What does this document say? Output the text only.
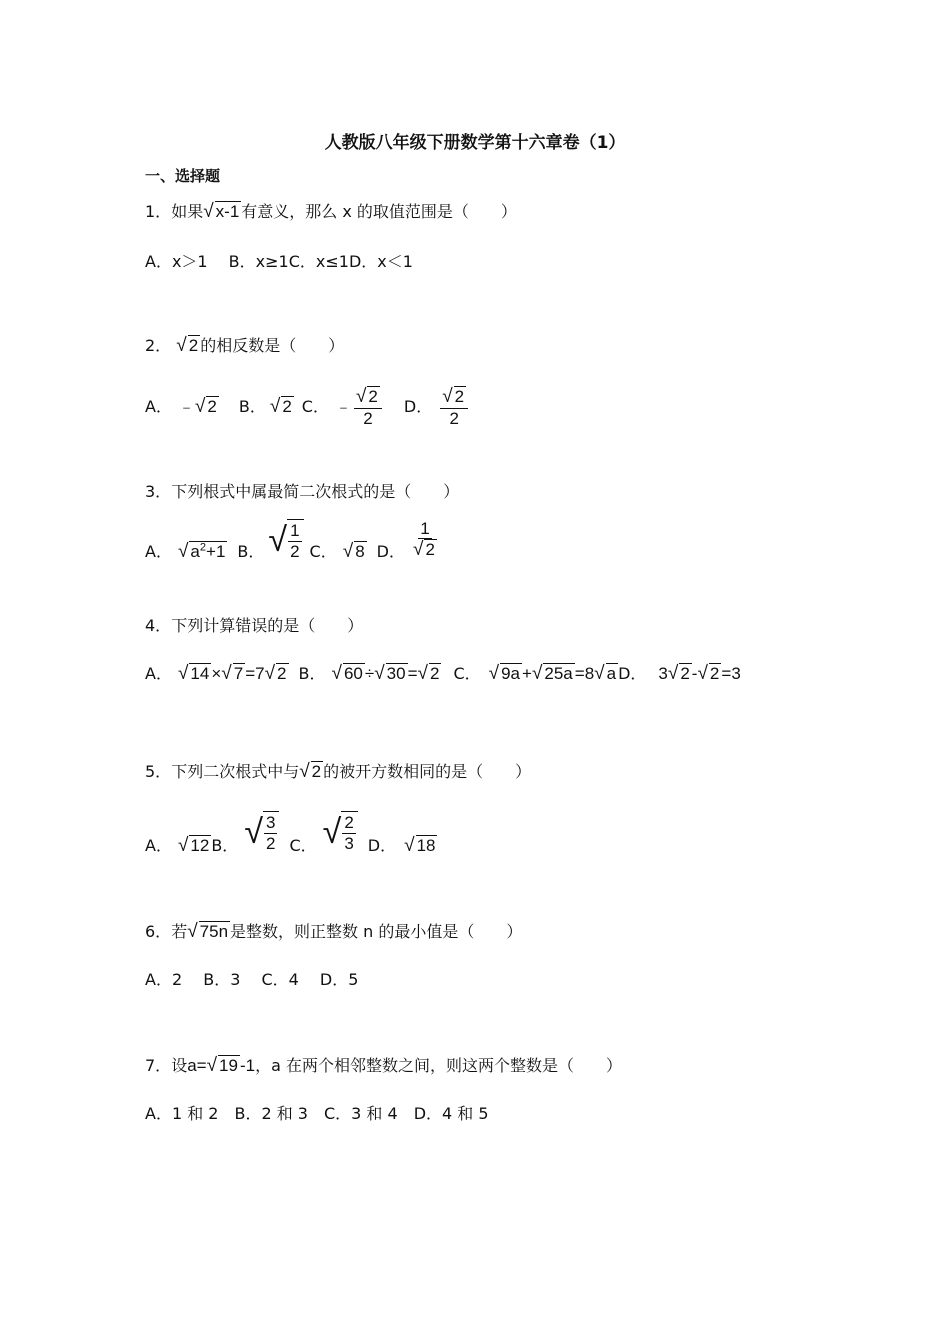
人教版八年级下册数学第十六章卷（1）
一、选择题
1．如果√ x-1 有意义，那么 x 的取值范围是（　　）
A．x＞1　 B．x≥1C．x≤1D．x＜1
2． √ 2 的相反数是（　　）
A． ﹣√ 2 B． √ 2 C． ﹣ $\frac{√ 2}{2}$ D． $\frac{√ 2}{2}$
3．下列根式中属最简二次根式的是（　　）
A． √ $a^2+1$ B． √ $\frac{1}{2}$ C． √ 8 D． $\frac{1}{√ 2}$
4．下列计算错误的是（　　）
A． √ 14 ×√ 7 =7√ 2 B． √ 60 ÷√ 30 =√ 2 C． √ 9a +√ 25a =8√ a D． 3√ 2 -√ 2 =3
5．下列二次根式中与√ 2 的被开方数相同的是（　　）
A． √ 12 B． √ $\frac{3}{2}$ C． √ $\frac{2}{3}$ D． √ 18
6．若√ 75n 是整数，则正整数 n 的最小值是（　　）
A．2　 B．3　 C．4　 D．5
7．设a=√ 19 -1，a 在两个相邻整数之间，则这两个整数是（　　）
A．1 和 2　B．2 和 3　C．3 和 4　D．4 和 5
